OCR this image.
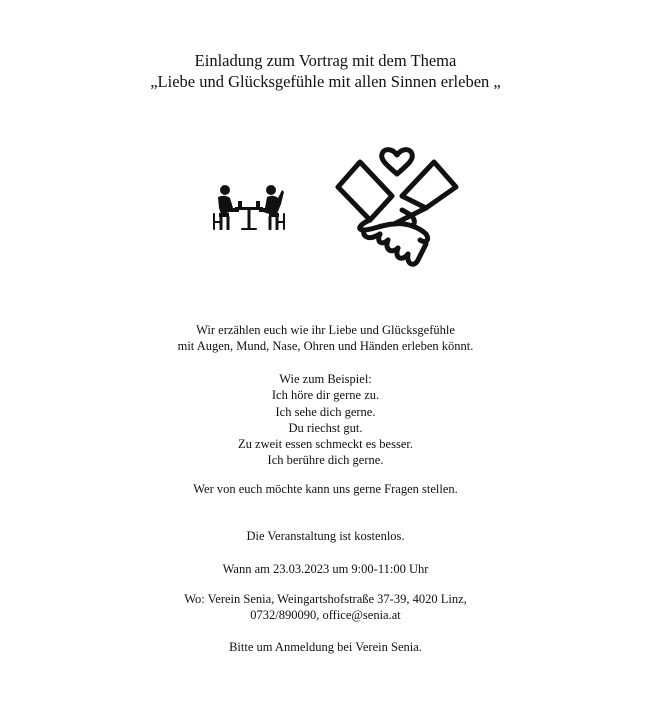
Einladung zum Vortrag mit dem Thema
„Liebe und Glücksgefühle mit allen Sinnen erleben „
Wir erzählen euch wie ihr Liebe und Glücksgefühle
mit Augen, Mund, Nase, Ohren und Händen erleben könnt.
Wie zum Beispiel:
Ich höre dir gerne zu.
Ich sehe dich gerne.
Du riechst gut.
Zu zweit essen schmeckt es besser.
Ich berühre dich gerne.
Wer von euch möchte kann uns gerne Fragen stellen.
Die Veranstaltung ist kostenlos.
Wann am 23.03.2023 um 9:00-11:00 Uhr
Wo: Verein Senia, Weingartshofstraße 37-39, 4020 Linz,
0732/890090, office@senia.at
Bitte um Anmeldung bei Verein Senia.
